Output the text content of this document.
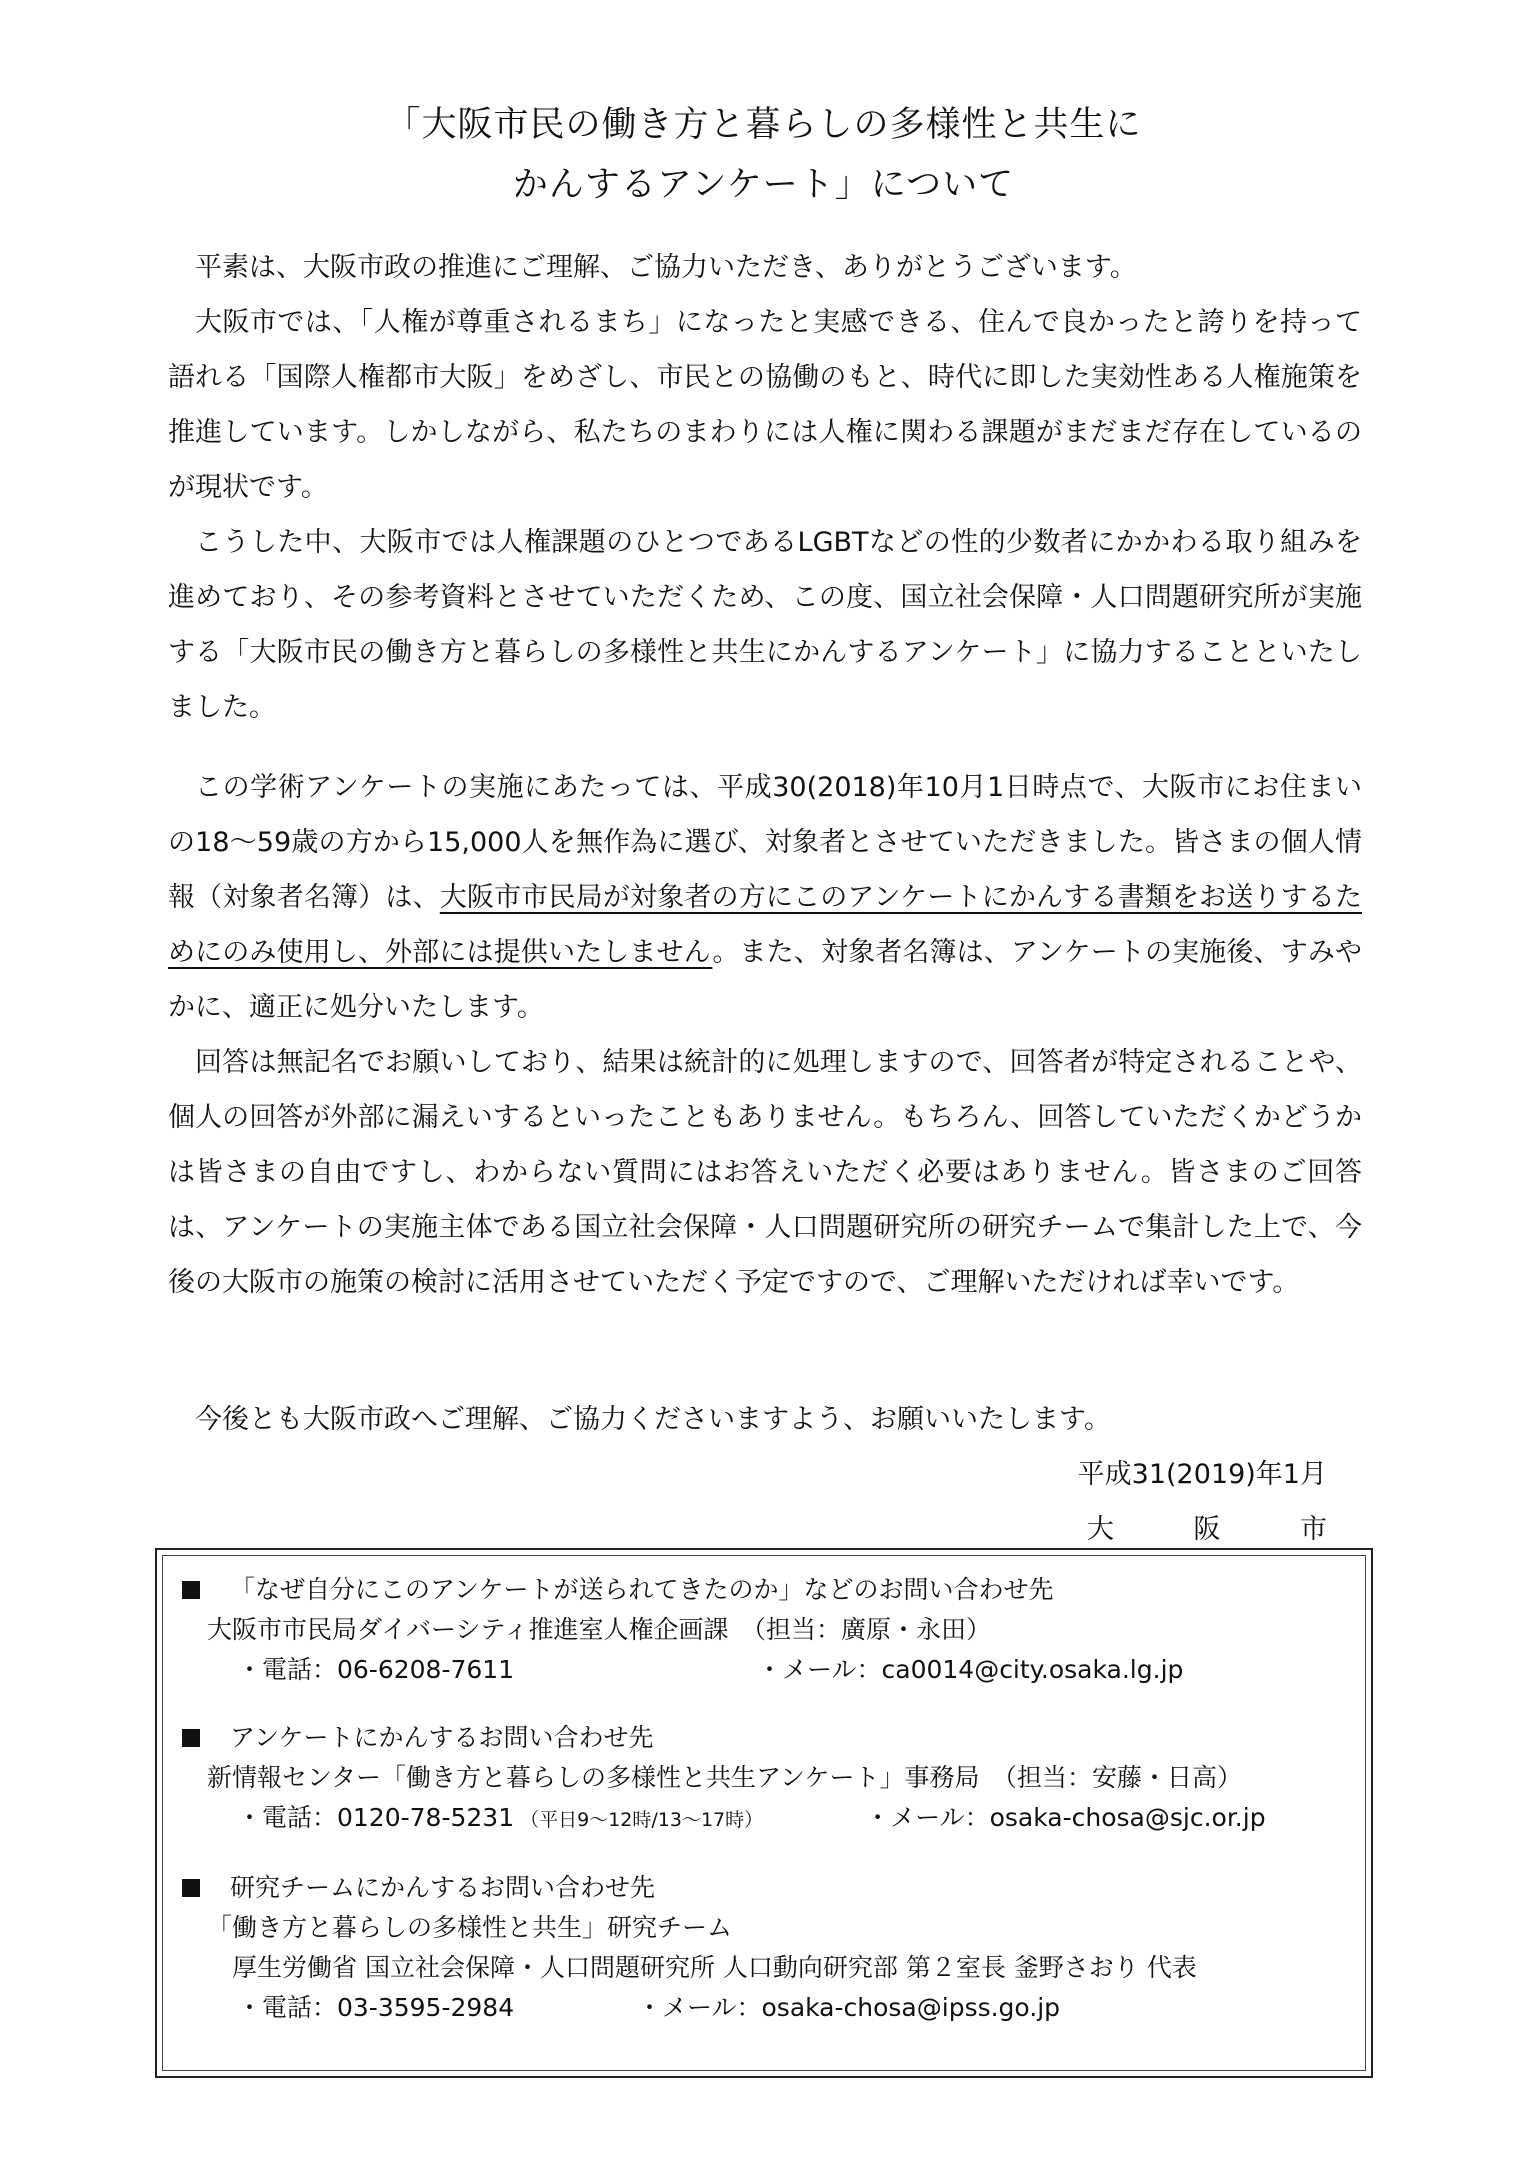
「大阪市民の働き方と暮らしの多様性と共生に
かんするアンケート」について

平素は、大阪市政の推進にご理解、ご協力いただき、ありがとうございます。

大阪市では、「人権が尊重されるまち」になったと実感できる、住んで良かったと誇りを持って語れる「国際人権都市大阪」をめざし、市民との協働のもと、時代に即した実効性ある人権施策を推進しています。しかしながら、私たちのまわりには人権に関わる課題がまだまだ存在しているのが現状です。

こうした中、大阪市では人権課題のひとつであるLGBTなどの性的少数者にかかわる取り組みを進めており、その参考資料とさせていただくため、この度、国立社会保障・人口問題研究所が実施する「大阪市民の働き方と暮らしの多様性と共生にかんするアンケート」に協力することといたしました。

この学術アンケートの実施にあたっては、平成30(2018)年10月1日時点で、大阪市にお住まいの18～59歳の方から15,000人を無作為に選び、対象者とさせていただきました。皆さまの個人情報（対象者名簿）は、大阪市市民局が対象者の方にこのアンケートにかんする書類をお送りするためにのみ使用し、外部には提供いたしません。また、対象者名簿は、アンケートの実施後、すみやかに、適正に処分いたします。

回答は無記名でお願いしており、結果は統計的に処理しますので、回答者が特定されることや、個人の回答が外部に漏えいするといったこともありません。もちろん、回答していただくかどうかは皆さまの自由ですし、わからない質問にはお答えいただく必要はありません。皆さまのご回答は、アンケートの実施主体である国立社会保障・人口問題研究所の研究チームで集計した上で、今後の大阪市の施策の検討に活用させていただく予定ですので、ご理解いただければ幸いです。

今後とも大阪市政へご理解、ご協力くださいますよう、お願いいたします。

平成31(2019)年1月
大	阪	市
「なぜ自分にこのアンケートが送られてきたのか」などのお問い合わせ先
大阪市市民局ダイバーシティ推進室人権企画課　（担当：廣原・永田）
・電話：06-6208-7611	・メール：ca0014@city.osaka.lg.jp
アンケートにかんするお問い合わせ先
新情報センター「働き方と暮らしの多様性と共生アンケート」事務局　（担当：安藤・日高）
・電話：0120-78-5231 （平日9～12時/13～17時）	・メール：osaka-chosa@sjc.or.jp
研究チームにかんするお問い合わせ先
「働き方と暮らしの多様性と共生」研究チーム
厚生労働省 国立社会保障・人口問題研究所 人口動向研究部 第２室長 釜野さおり 代表
・電話：03-3595-2984	・メール：osaka-chosa@ipss.go.jp
